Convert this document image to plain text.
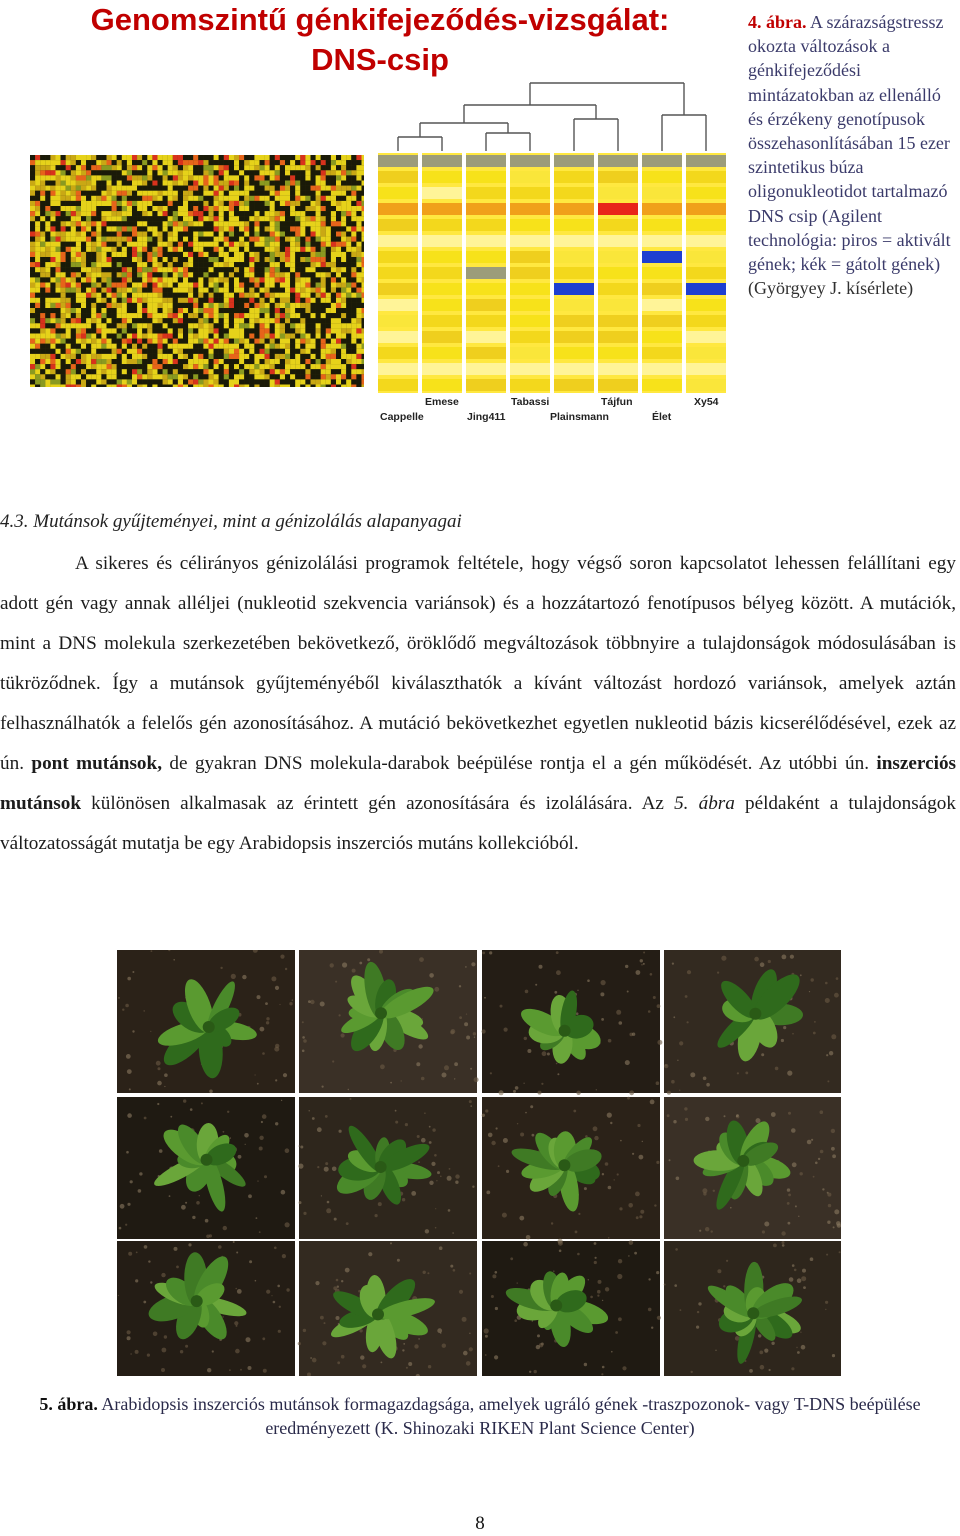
Genomszintű génkifejeződés-vizsgálat:
DNS-csip
4. ábra. A szárazságstressz okozta változások a génkifejeződési mintázatokban az ellenálló és érzékeny genotípusok összehasonlításában 15 ezer szintetikus búza oligonukleotidot tartalmazó DNS csip (Agilent technológia: piros = aktivált gének; kék = gátolt gének) (Györgyey J. kísérlete)
Cappelle
Emese
Jing411
Tabassi
Plainsmann
Tájfun
Élet
Xy54
4.3. Mutánsok gyűjteményei, mint a génizolálás alapanyagai

A sikeres és célirányos génizolálási programok feltétele, hogy végső soron kapcsolatot lehessen felállítani egy adott gén vagy annak alléljei (nukleotid szekvencia variánsok) és a hozzátartozó fenotípusos bélyeg között. A mutációk, mint a DNS molekula szerkezetében bekövetkező, öröklődő megváltozások többnyire a tulajdonságok módosulásában is tükröződnek. Így a mutánsok gyűjteményéből kiválaszthatók a kívánt változást hordozó variánsok, amelyek aztán felhasználhatók a felelős gén azonosításához. A mutáció bekövetkezhet egyetlen nukleotid bázis kicserélődésével, ezek az ún. pont mutánsok, de gyakran DNS molekula-darabok beépülése rontja el a gén működését. Az utóbbi ún. inszerciós mutánsok különösen alkalmasak az érintett gén azonosítására és izolálására. Az 5. ábra példaként a tulajdonságok változatosságát mutatja be egy Arabidopsis inszerciós mutáns kollekcióból.

5. ábra. Arabidopsis inszerciós mutánsok formagazdagsága, amelyek ugráló gének -traszpozonok- vagy T-DNS beépülése eredményezett (K. Shinozaki RIKEN Plant Science Center)
8
